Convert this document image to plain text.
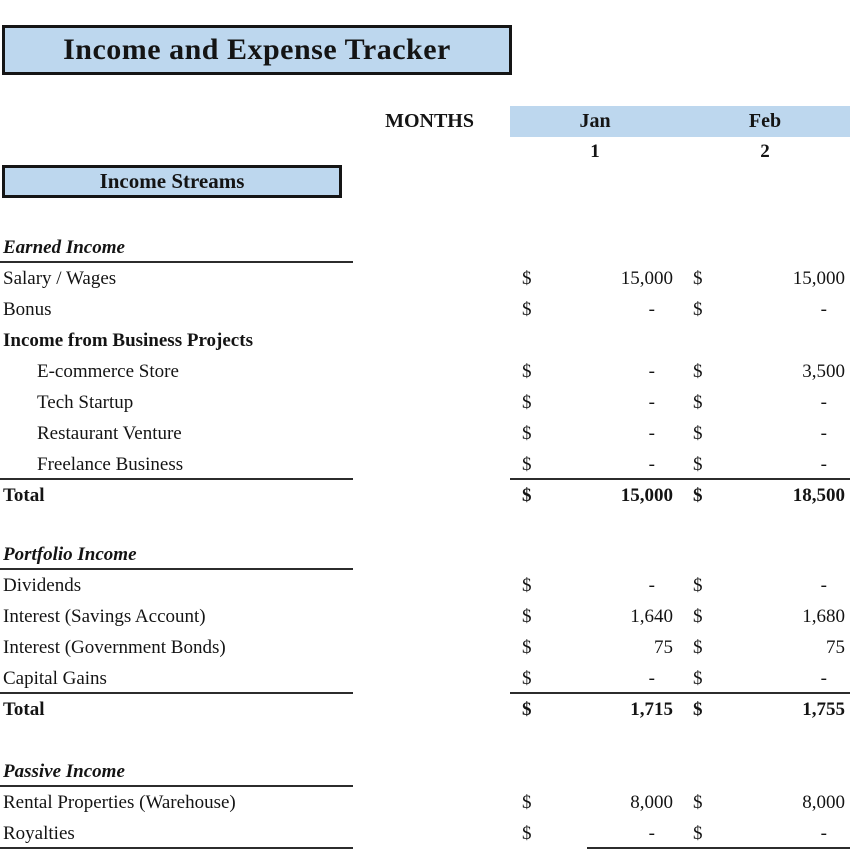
Income and Expense Tracker
MONTHS	Jan	Feb
1	2
Income Streams
Earned Income
Salary / Wages	$	15,000 $	15,000
Bonus	$	-	$	-
Income from Business Projects
E-commerce Store	$	-	$	3,500
Tech Startup	$	-	$	-
Restaurant Venture	$	-	$	-
Freelance Business	$	-	$	-
Total	$	15,000 $	18,500
Portfolio Income
Dividends	$	-	$	-
Interest (Savings Account)	$	1,640 $	1,680
Interest (Government Bonds)	$	75 $	75
Capital Gains	$	-	$	-
Total	$	1,715 $	1,755
Passive Income
Rental Properties (Warehouse)	$	8,000 $	8,000
Royalties	$	-	$	-
